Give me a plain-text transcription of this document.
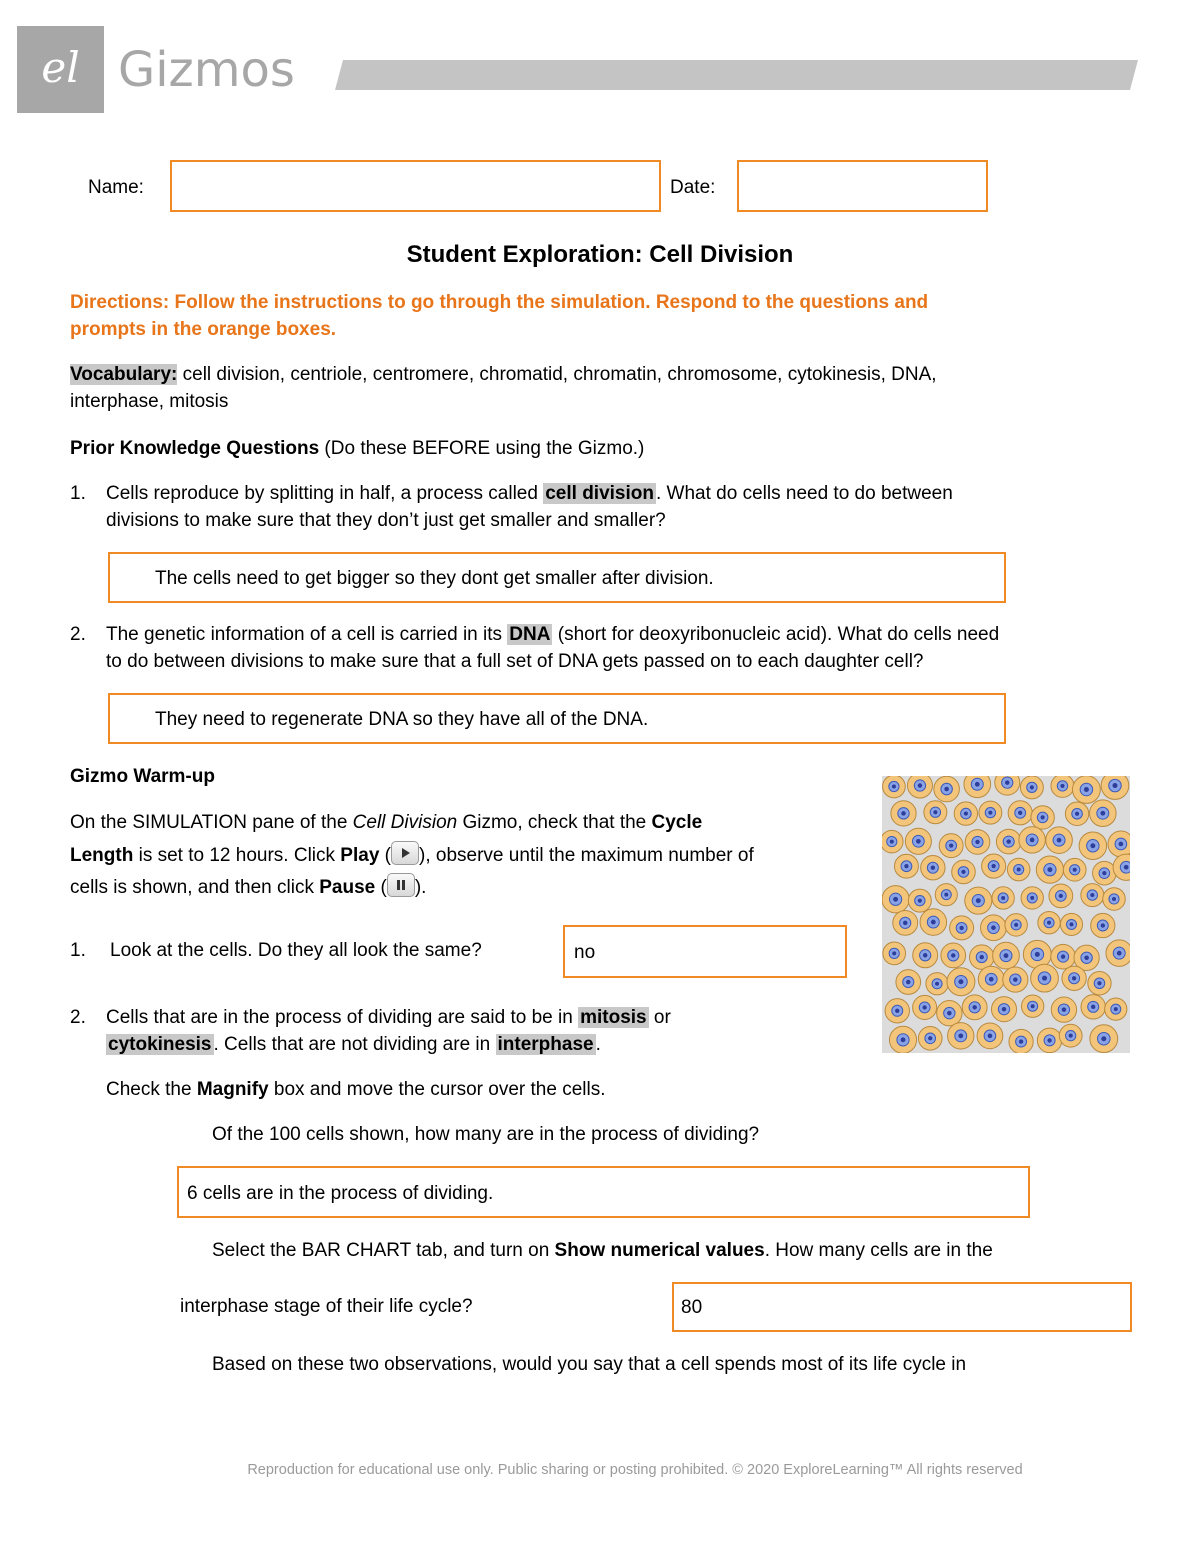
el Gizmos
Name:	Date:
Student Exploration: Cell Division
Directions: Follow the instructions to go through the simulation. Respond to the questions and
prompts in the orange boxes.
Vocabulary: cell division, centriole, centromere, chromatid, chromatin, chromosome, cytokinesis, DNA,
interphase, mitosis
Prior Knowledge Questions (Do these BEFORE using the Gizmo.)
1. Cells reproduce by splitting in half, a process called cell division . What do cells need to do between
divisions to make sure that they don’t just get smaller and smaller?
The cells need to get bigger so they dont get smaller after division.
2. The genetic information of a cell is carried in its DNA (short for deoxyribonucleic acid). What do cells need
to do between divisions to make sure that a full set of DNA gets passed on to each daughter cell?
They need to regenerate DNA so they have all of the DNA.
Gizmo Warm-up
On the SIMULATION pane of the Cell Division Gizmo, check that the Cycle
Length is set to 12 hours. Click Play ( ), observe until the maximum number of
cells is shown, and then click Pause ( ).
1. Look at the cells. Do they all look the same?	no
2. Cells that are in the process of dividing are said to be in mitosis or
cytokinesis . Cells that are not dividing are in interphase .
Check the Magnify box and move the cursor over the cells.
Of the 100 cells shown, how many are in the process of dividing?
6 cells are in the process of dividing.
Select the BAR CHART tab, and turn on Show numerical values. How many cells are in the
interphase stage of their life cycle?	80
Based on these two observations, would you say that a cell spends most of its life cycle in
Reproduction for educational use only. Public sharing or posting prohibited. © 2020 ExploreLearning™ All rights reserved
